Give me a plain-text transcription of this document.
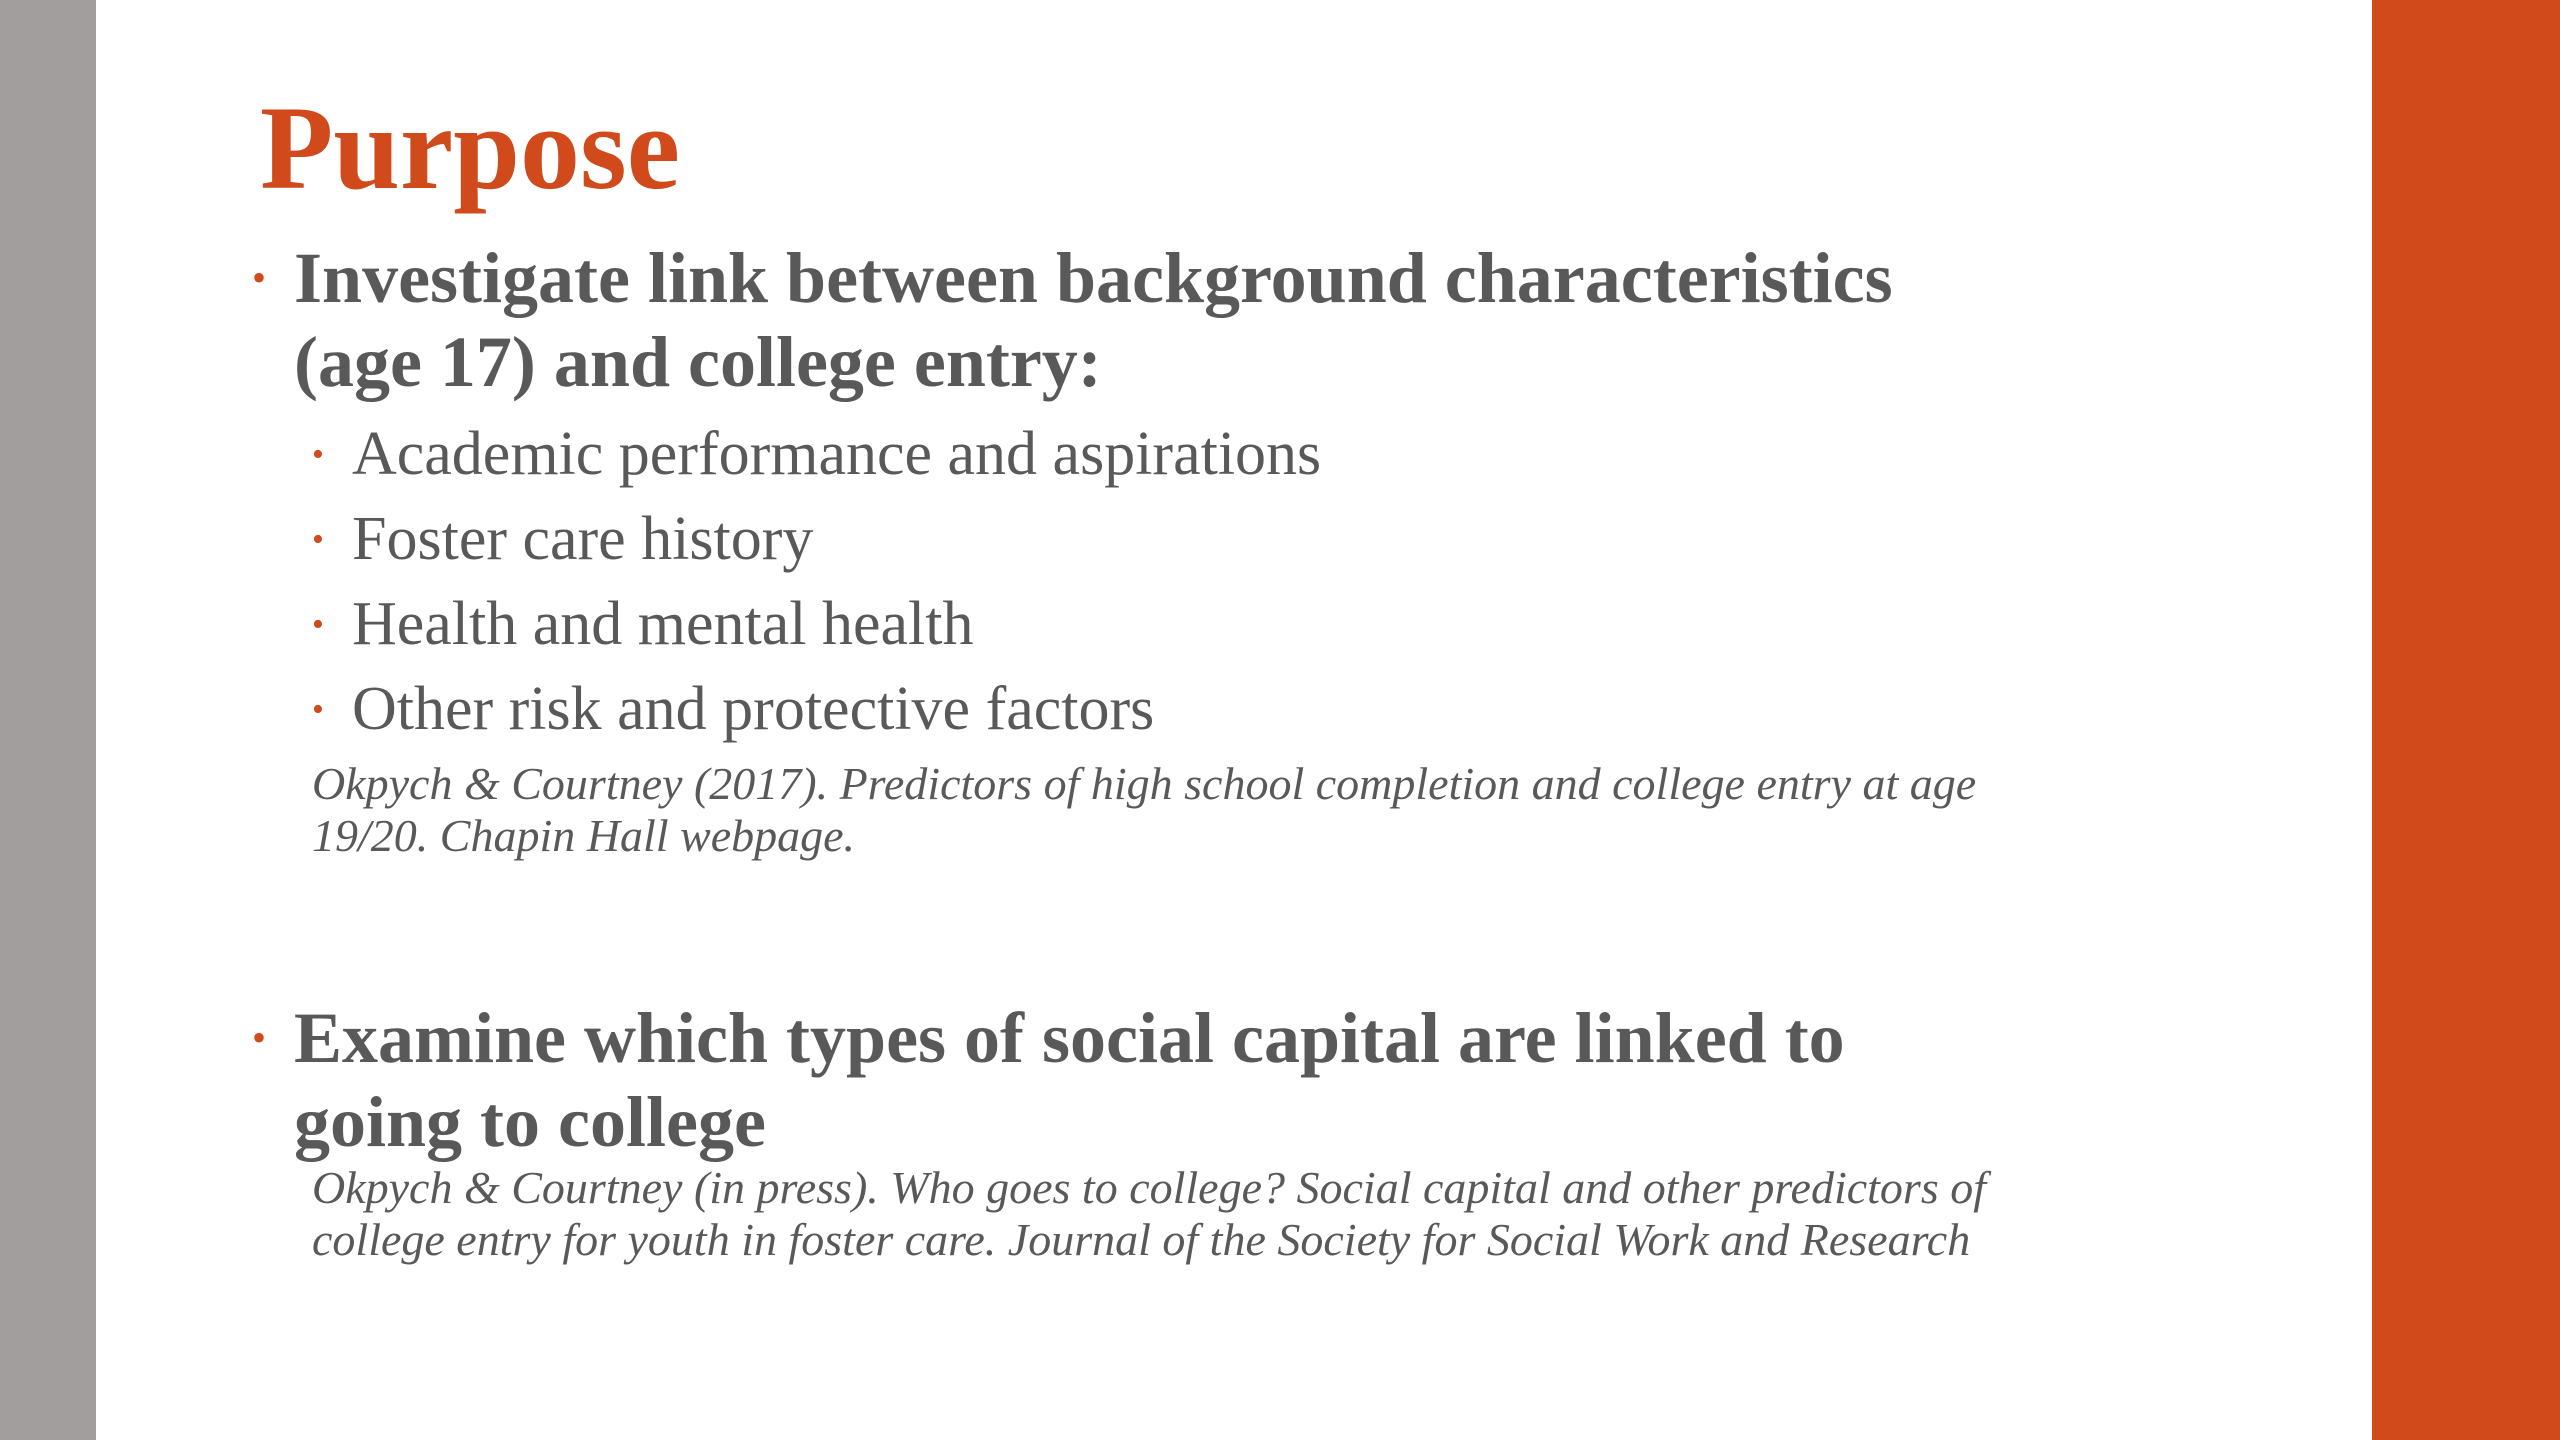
Purpose
• Investigate link between background characteristics (age 17) and college entry:
• Academic performance and aspirations
• Foster care history
• Health and mental health
• Other risk and protective factors
Okpych & Courtney (2017). Predictors of high school completion and college entry at age 19/20. Chapin Hall webpage.
• Examine which types of social capital are linked to going to college
Okpych & Courtney (in press). Who goes to college? Social capital and other predictors of college entry for youth in foster care. Journal of the Society for Social Work and Research
